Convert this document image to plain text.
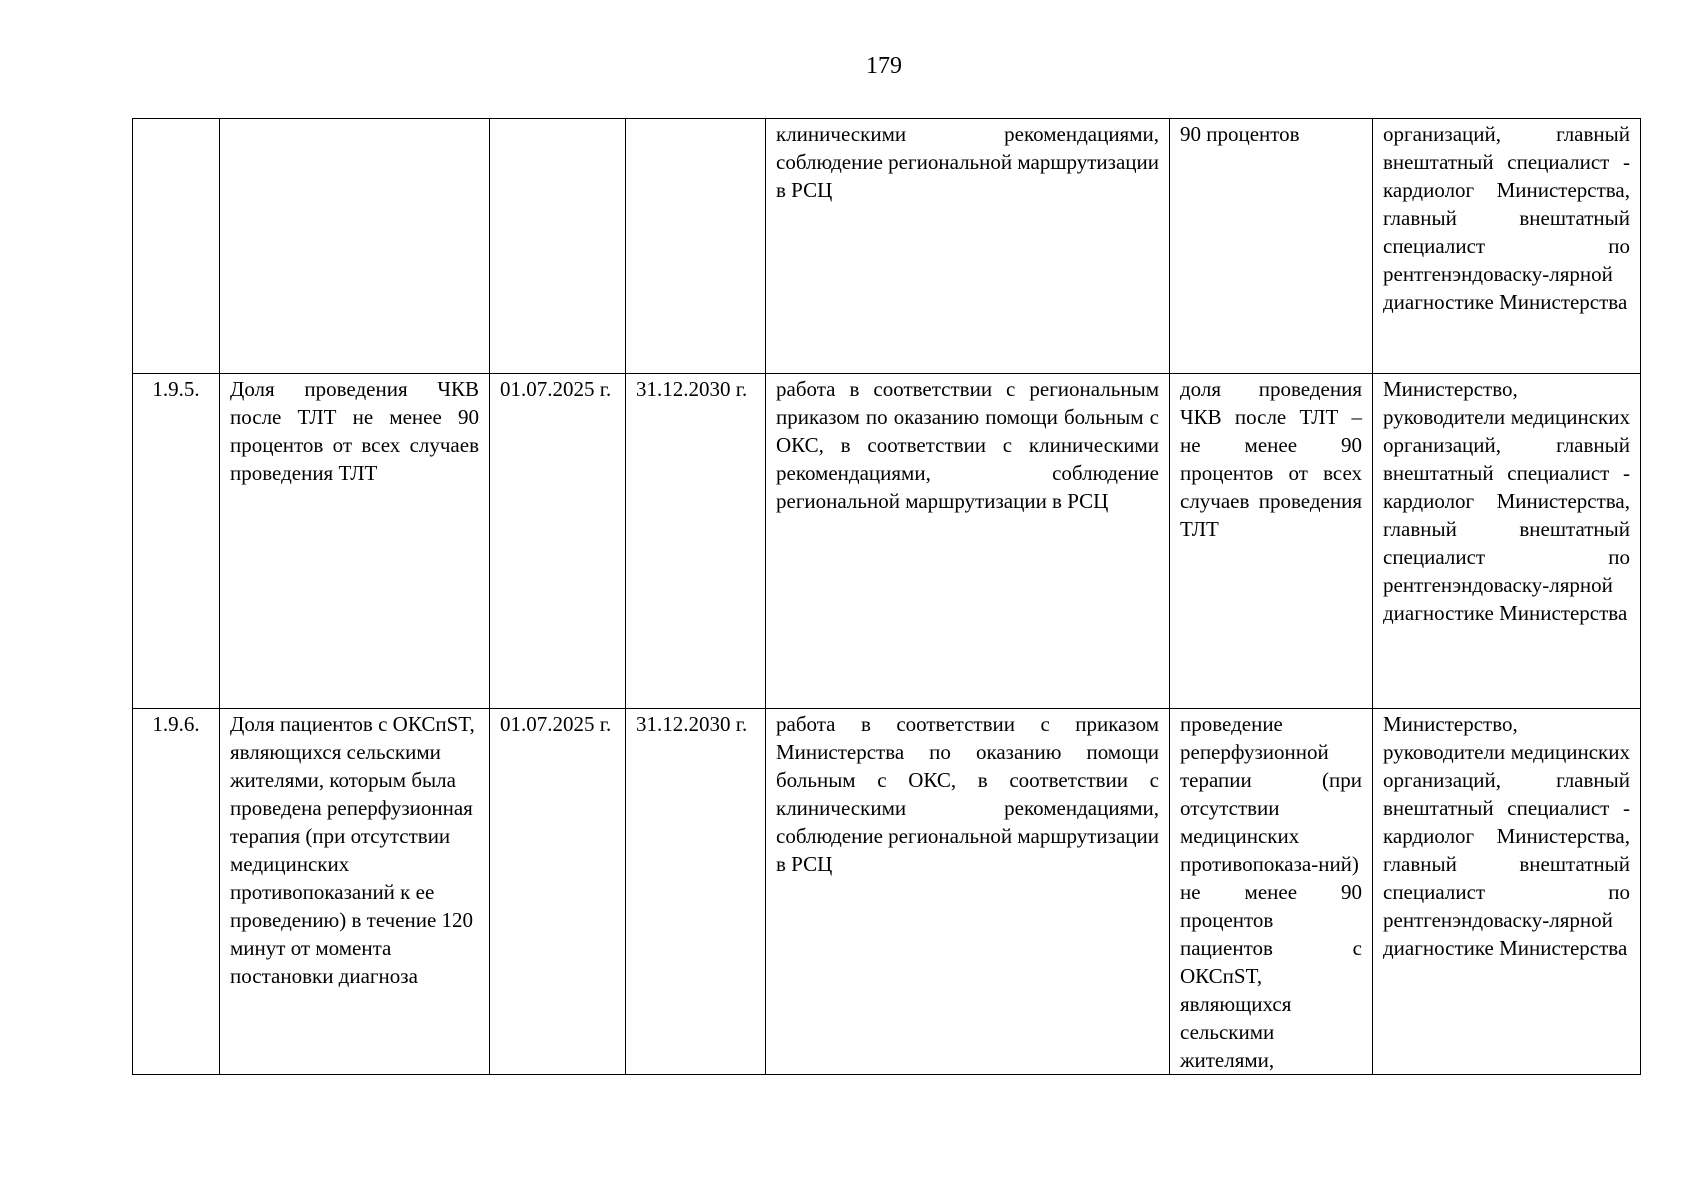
179
				клиническими рекомендациями, соблюдение региональной маршрутизации в РСЦ	90 процентов	организаций, главный внештатный специалист - кардиолог Министерства, главный внештатный специалист по рентгенэндоваску-лярной диагностике Министерства
1.9.5.	Доля проведения ЧКВ после ТЛТ не менее 90 процентов от всех случаев проведения ТЛТ	01.07.2025 г.	31.12.2030 г.	работа в соответствии с региональным приказом по оказанию помощи больным с ОКС, в соответствии с клиническими рекомендациями, соблюдение региональной маршрутизации в РСЦ	доля проведения ЧКВ после ТЛТ – не менее 90 процентов от всех случаев проведения ТЛТ	Министерство, руководители медицинских организаций, главный внештатный специалист - кардиолог Министерства, главный внештатный специалист по рентгенэндоваску-лярной диагностике Министерства
1.9.6.	Доля пациентов с ОКСпST, являющихся сельскими жителями, которым была проведена реперфузионная терапия (при отсутствии медицинских противопоказаний к ее проведению) в течение 120 минут от момента постановки диагноза	01.07.2025 г.	31.12.2030 г.	работа в соответствии с приказом Министерства по оказанию помощи больным с ОКС, в соответствии с клиническими рекомендациями, соблюдение региональной маршрутизации в РСЦ	проведение реперфузионной терапии (при отсутствии медицинских противопоказа-ний) не менее 90 процентов пациентов с ОКСпST, являющихся сельскими жителями,	Министерство, руководители медицинских организаций, главный внештатный специалист - кардиолог Министерства, главный внештатный специалист по рентгенэндоваску-лярной диагностике Министерства
